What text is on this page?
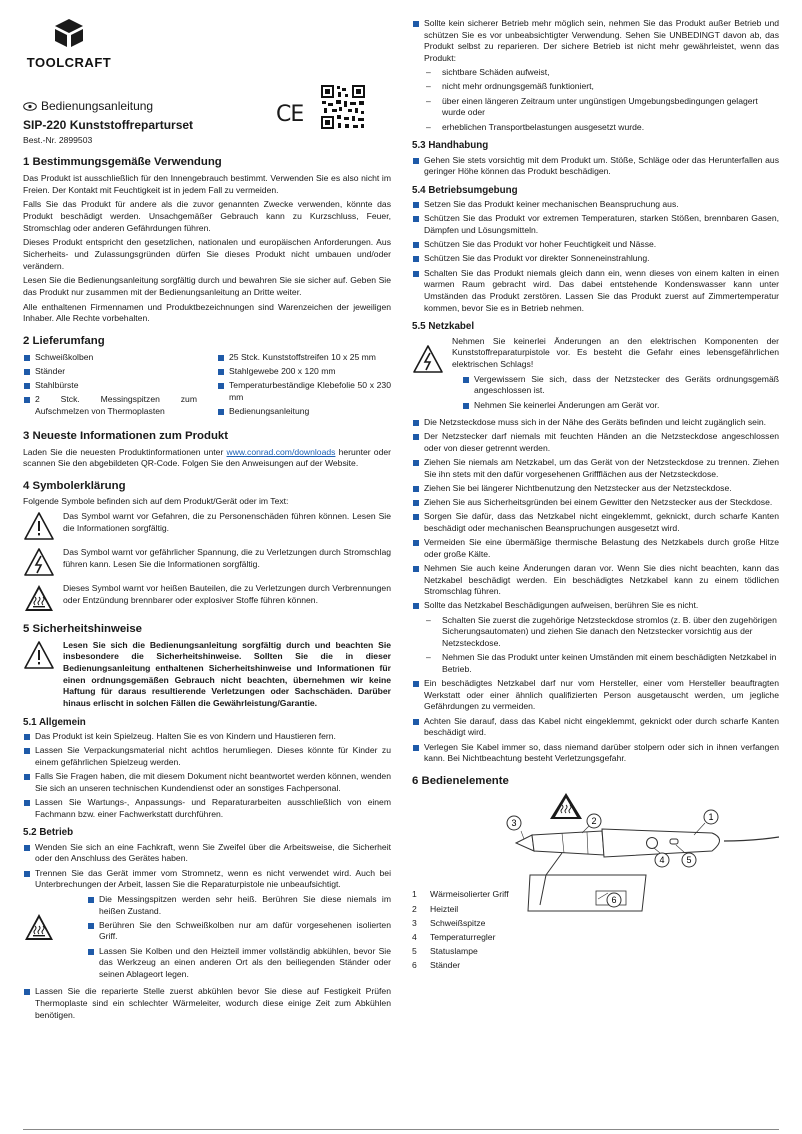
TOOLCRAFT
Bedienungsanleitung
SIP-220 Kunststoffreparturset
Best.-Nr. 2899503
1 Bestimmungsgemäße Verwendung

Das Produkt ist ausschließlich für den Innengebrauch bestimmt. Verwenden Sie es also nicht im Freien. Der Kontakt mit Feuchtigkeit ist in jedem Fall zu vermeiden.

Falls Sie das Produkt für andere als die zuvor genannten Zwecke verwenden, könnte das Produkt beschädigt werden. Unsachgemäßer Gebrauch kann zu Kurzschluss, Feuer, Stromschlag oder anderen Gefährdungen führen.

Dieses Produkt entspricht den gesetzlichen, nationalen und europäischen Anforderungen. Aus Sicherheits- und Zulassungsgründen dürfen Sie dieses Produkt nicht umbauen und/oder verändern.

Lesen Sie die Bedienungsanleitung sorgfältig durch und bewahren Sie sie sicher auf. Geben Sie das Produkt nur zusammen mit der Bedienungsanleitung an Dritte weiter.

Alle enthaltenen Firmennamen und Produktbezeichnungen sind Warenzeichen der jeweiligen Inhaber. Alle Rechte vorbehalten.

2 Lieferumfang
Schweißkolben
Ständer
Stahlbürste
2 Stck. Messingspitzen zum Aufschmelzen von Thermoplasten
25 Stck. Kunststoffstreifen 10 x 25 mm
Stahlgewebe 200 x 120 mm
Temperaturbeständige Klebefolie 50 x 230 mm
Bedienungsanleitung
3 Neueste Informationen zum Produkt

Laden Sie die neuesten Produktinformationen unter www.conrad.com/downloads herunter oder scannen Sie den abgebildeten QR-Code. Folgen Sie den Anweisungen auf der Website.

4 Symbolerklärung

Folgende Symbole befinden sich auf dem Produkt/Gerät oder im Text:

Das Symbol warnt vor Gefahren, die zu Personenschäden führen können. Lesen Sie die Informationen sorgfältig.
Das Symbol warnt vor gefährlicher Spannung, die zu Verletzungen durch Stromschlag führen kann. Lesen Sie die Informationen sorgfältig.
Dieses Symbol warnt vor heißen Bauteilen, die zu Verletzungen durch Verbrennungen oder Entzündung brennbarer oder explosiver Stoffe führen können.
5 Sicherheitshinweise
Lesen Sie sich die Bedienungsanleitung sorgfältig durch und beachten Sie insbesondere die Sicherheitshinweise. Sollten Sie die in dieser Bedienungsanleitung enthaltenen Sicherheitshinweise und Informationen für einen ordnungsgemäßen Gebrauch nicht beachten, übernehmen wir keine Haftung für daraus resultierende Verletzungen oder Sachschäden. Darüber hinaus erlischt in solchen Fällen die Gewährleistung/Garantie.
5.1 Allgemein
Das Produkt ist kein Spielzeug. Halten Sie es von Kindern und Haustieren fern.
Lassen Sie Verpackungsmaterial nicht achtlos herumliegen. Dieses könnte für Kinder zu einem gefährlichen Spielzeug werden.
Falls Sie Fragen haben, die mit diesem Dokument nicht beantwortet werden können, wenden Sie sich an unseren technischen Kundendienst oder an sonstiges Fachpersonal.
Lassen Sie Wartungs-, Anpassungs- und Reparaturarbeiten ausschließlich von einem Fachmann bzw. einer Fachwerkstatt durchführen.
5.2 Betrieb
Wenden Sie sich an eine Fachkraft, wenn Sie Zweifel über die Arbeitsweise, die Sicherheit oder den Anschluss des Gerätes haben.
Trennen Sie das Gerät immer vom Stromnetz, wenn es nicht verwendet wird. Auch bei Unterbrechungen der Arbeit, lassen Sie die Reparaturpistole nie unbeaufsichtigt.
Die Messingspitzen werden sehr heiß. Berühren Sie diese niemals im heißen Zustand.
Berühren Sie den Schweißkolben nur am dafür vorgesehenen isolierten Griff.
Lassen Sie Kolben und den Heizteil immer vollständig abkühlen, bevor Sie das Werkzeug an einen anderen Ort als den beiliegenden Ständer oder seinen Ablageort legen.
Lassen Sie die reparierte Stelle zuerst abkühlen bevor Sie diese auf Festigkeit Prüfen Thermoplaste sind ein schlechter Wärmeleiter, wodurch diese einige Zeit zum Abkühlen benötigen.
CE
Sollte kein sicherer Betrieb mehr möglich sein, nehmen Sie das Produkt außer Betrieb und schützen Sie es vor unbeabsichtigter Verwendung. Sehen Sie UNBEDINGT davon ab, das Produkt selbst zu reparieren. Der sichere Betrieb ist nicht mehr gewährleistet, wenn das Produkt:
– sichtbare Schäden aufweist,
– nicht mehr ordnungsgemäß funktioniert,
– über einen längeren Zeitraum unter ungünstigen Umgebungsbedingungen gelagert wurde oder
– erheblichen Transportbelastungen ausgesetzt wurde.
5.3 Handhabung
Gehen Sie stets vorsichtig mit dem Produkt um. Stöße, Schläge oder das Herunterfallen aus geringer Höhe können das Produkt beschädigen.
5.4 Betriebsumgebung
Setzen Sie das Produkt keiner mechanischen Beanspruchung aus.
Schützen Sie das Produkt vor extremen Temperaturen, starken Stößen, brennbaren Gasen, Dämpfen und Lösungsmitteln.
Schützen Sie das Produkt vor hoher Feuchtigkeit und Nässe.
Schützen Sie das Produkt vor direkter Sonneneinstrahlung.
Schalten Sie das Produkt niemals gleich dann ein, wenn dieses von einem kalten in einen warmen Raum gebracht wird. Das dabei entstehende Kondenswasser kann unter Umständen das Produkt zerstören. Lassen Sie das Produkt zuerst auf Zimmertemperatur kommen, bevor Sie es in Betrieb nehmen.
5.5 Netzkabel
Nehmen Sie keinerlei Änderungen an den elektrischen Komponenten der Kunststoffreparaturpistole vor. Es besteht die Gefahr eines lebensgefährlichen elektrischen Schlags!
Vergewissern Sie sich, dass der Netzstecker des Geräts ordnungsgemäß angeschlossen ist.
Nehmen Sie keinerlei Änderungen am Gerät vor.
Die Netzsteckdose muss sich in der Nähe des Geräts befinden und leicht zugänglich sein.
Der Netzstecker darf niemals mit feuchten Händen an die Netzsteckdose angeschlossen oder von dieser getrennt werden.
Ziehen Sie niemals am Netzkabel, um das Gerät von der Netzsteckdose zu trennen. Ziehen Sie ihn stets mit den dafür vorgesehenen Griffflächen aus der Netzsteckdose.
Ziehen Sie bei längerer Nichtbenutzung den Netzstecker aus der Netzsteckdose.
Ziehen Sie aus Sicherheitsgründen bei einem Gewitter den Netzstecker aus der Steckdose.
Sorgen Sie dafür, dass das Netzkabel nicht eingeklemmt, geknickt, durch scharfe Kanten beschädigt oder mechanischen Beanspruchungen ausgesetzt wird.
Vermeiden Sie eine übermäßige thermische Belastung des Netzkabels durch große Hitze oder große Kälte.
Nehmen Sie auch keine Änderungen daran vor. Wenn Sie dies nicht beachten, kann das Netzkabel beschädigt werden. Ein beschädigtes Netzkabel kann zu einem tödlichen Stromschlag führen.
Sollte das Netzkabel Beschädigungen aufweisen, berühren Sie es nicht.
– Schalten Sie zuerst die zugehörige Netzsteckdose stromlos (z. B. über den zugehörigen Sicherungsautomaten) und ziehen Sie danach den Netzstecker vorsichtig aus der Netzsteckdose.
– Nehmen Sie das Produkt unter keinen Umständen mit einem beschädigten Netzkabel in Betrieb.
Ein beschädigtes Netzkabel darf nur vom Hersteller, einer vom Hersteller beauftragten Werkstatt oder einer ähnlich qualifizierten Person ausgetauscht werden, um jegliche Gefährdungen zu vermeiden.
Achten Sie darauf, dass das Kabel nicht eingeklemmt, geknickt oder durch scharfe Kanten beschädigt wird.
Verlegen Sie Kabel immer so, dass niemand darüber stolpern oder sich in ihnen verfangen kann. Bei Nichtbeachtung besteht Verletzungsgefahr.
6 Bedienelemente
1
2
3
4 5
6
1	Wärmeisolierter Griff
2	Heizteil
3	Schweißspitze
4	Temperaturregler
5	Statuslampe
6	Ständer
